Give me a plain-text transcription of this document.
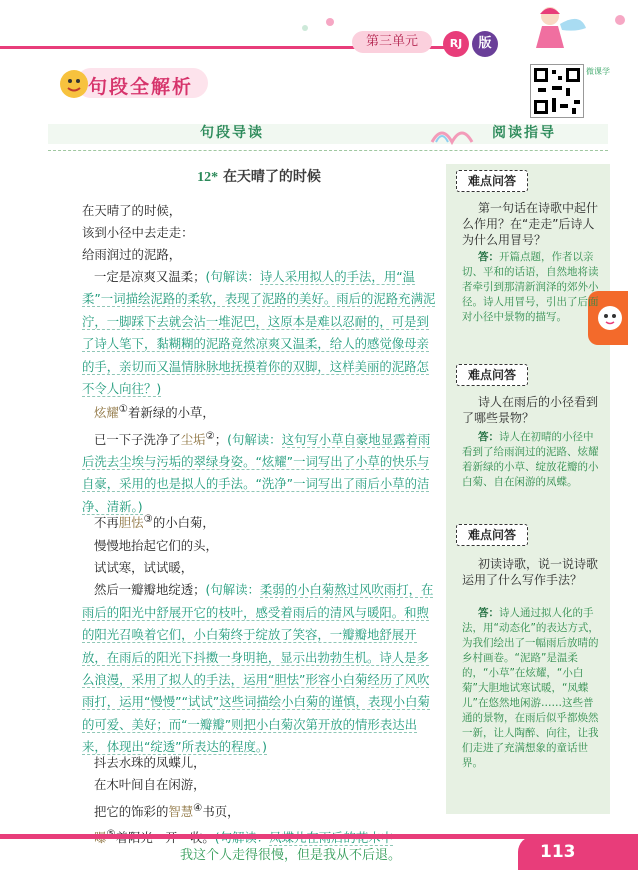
第三单元	RJ	版
句段全解析
微课学
句段导读	阅读指导
12* 在天晴了的时候
在天晴了的时候，
该到小径中去走走：
给雨润过的泥路，
一定是凉爽又温柔；(句解读：诗人采用拟人的手法，用“温柔”一词描绘泥路的柔软，表现了泥路的美好。雨后的泥路充满泥泞，一脚踩下去就会沾一堆泥巴，这原本是难以忍耐的，可是到了诗人笔下，黏糊糊的泥路竟然凉爽又温柔，给人的感觉像母亲的手，亲切而又温情脉脉地抚摸着你的双脚，这样美丽的泥路怎不令人向往？)
炫耀①着新绿的小草，
已一下子洗净了尘垢②；(句解读：这句写小草自豪地显露着雨后洗去尘埃与污垢的翠绿身姿。“炫耀”一词写出了小草的快乐与自豪，采用的也是拟人的手法。“洗净”一词写出了雨后小草的洁净、清新。)
不再胆怯③的小白菊，
慢慢地抬起它们的头，
试试寒，试试暖，
然后一瓣瓣地绽透；(句解读：柔弱的小白菊熬过风吹雨打，在雨后的阳光中舒展开它的枝叶，感受着雨后的清风与暖阳。和煦的阳光召唤着它们，小白菊终于绽放了笑容，一瓣瓣地舒展开放，在雨后的阳光下抖擞一身明艳，显示出勃勃生机。诗人是多么浪漫，采用了拟人的手法，运用“胆怯”形容小白菊经历了风吹雨打，运用“慢慢”“试试”这些词描绘小白菊的谨慎，表现小白菊的可爱、美好；而“一瓣瓣”则把小白菊次第开放的情形表达出来，体现出“绽透”所表达的程度。)
抖去水珠的凤蝶儿，
在木叶间自在闲游，
把它的饰彩的智慧④书页，
难点问答
第一句话在诗歌中起什么作用？在“走走”后诗人为什么用冒号？
答：开篇点题，作者以亲切、平和的话语，自然地将读者牵引到那清新润泽的郊外小径。诗人用冒号，引出了后面对小径中景物的描写。
难点问答
诗人在雨后的小径看到了哪些景物？
答：诗人在初晴的小径中看到了给雨润过的泥路、炫耀着新绿的小草、绽放花瓣的小白菊、自在闲游的凤蝶。
难点问答
初读诗歌，说一说诗歌运用了什么写作手法？
答：诗人通过拟人化的手法，用“动态化”的表达方式，为我们绘出了一幅雨后放晴的乡村画卷。“泥路”是温柔的，“小草”在炫耀，“小白菊”大胆地试寒试暖，“凤蝶儿”在悠然地闲游……这些普通的景物，在雨后似乎都焕然一新，让人陶醉、向往，让我们走进了充满想象的童话世界。
我这个人走得很慢，但是我从不后退。	113
